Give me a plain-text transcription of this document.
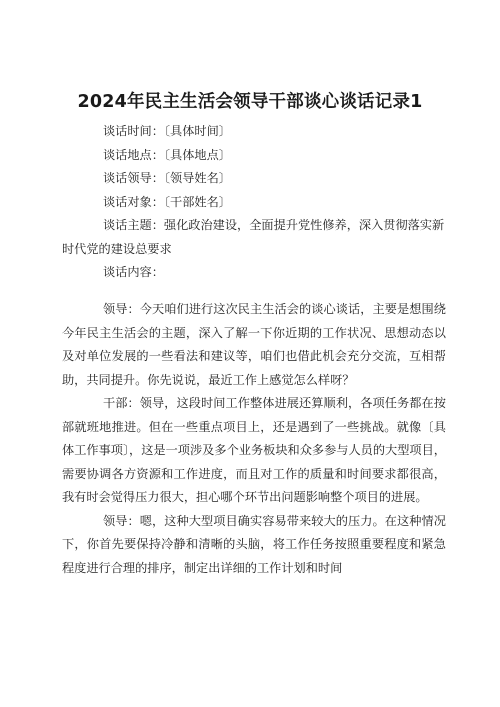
2024年民主生活会领导干部谈心谈话记录1
谈话时间：〔具体时间〕
谈话地点：〔具体地点〕
谈话领导：〔领导姓名〕
谈话对象：〔干部姓名〕
谈话主题：强化政治建设，全面提升党性修养，深入贯彻落实新时代党的建设总要求
谈话内容：

领导：今天咱们进行这次民主生活会的谈心谈话，主要是想围绕今年民主生活会的主题，深入了解一下你近期的工作状况、思想动态以及对单位发展的一些看法和建议等，咱们也借此机会充分交流，互相帮助，共同提升。你先说说，最近工作上感觉怎么样呀？

干部：领导，这段时间工作整体进展还算顺利，各项任务都在按部就班地推进。但在一些重点项目上，还是遇到了一些挑战。就像〔具体工作事项〕，这是一项涉及多个业务板块和众多参与人员的大型项目，需要协调各方资源和工作进度，而且对工作的质量和时间要求都很高，我有时会觉得压力很大，担心哪个环节出问题影响整个项目的进展。

领导：嗯，这种大型项目确实容易带来较大的压力。在这种情况下，你首先要保持冷静和清晰的头脑，将工作任务按照重要程度和紧急程度进行合理的排序，制定出详细的工作计划和时间
